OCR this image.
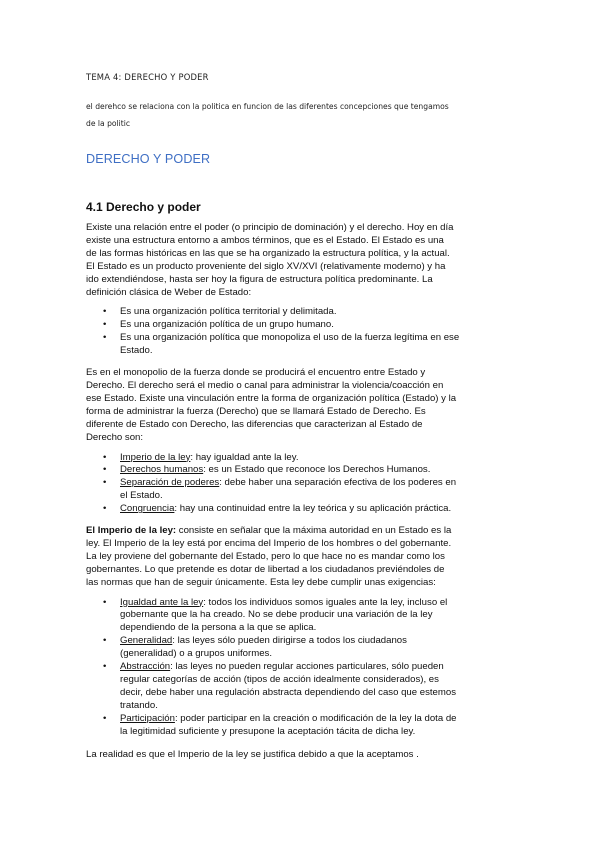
TEMA 4: DERECHO Y PODER
el derehco se relaciona con la politica en funcion de las diferentes concepciones que tengamos
de la politic
DERECHO Y PODER
4.1 Derecho y poder

Existe una relación entre el poder (o principio de dominación) y el derecho. Hoy en día
existe una estructura entorno a ambos términos, que es el Estado. El Estado es una
de las formas históricas en las que se ha organizado la estructura política, y la actual.
El Estado es un producto proveniente del siglo XV/XVI (relativamente moderno) y ha
ido extendiéndose, hasta ser hoy la figura de estructura política predominante. La
definición clásica de Weber de Estado:

• Es una organización política territorial y delimitada.
• Es una organización política de un grupo humano.
• Es una organización política que monopoliza el uso de la fuerza legítima en ese
Estado.

Es en el monopolio de la fuerza donde se producirá el encuentro entre Estado y
Derecho. El derecho será el medio o canal para administrar la violencia/coacción en
ese Estado. Existe una vinculación entre la forma de organización política (Estado) y la
forma de administrar la fuerza (Derecho) que se llamará Estado de Derecho. Es
diferente de Estado con Derecho, las diferencias que caracterizan al Estado de
Derecho son:

• Imperio de la ley: hay igualdad ante la ley.
• Derechos humanos: es un Estado que reconoce los Derechos Humanos.
• Separación de poderes: debe haber una separación efectiva de los poderes en
el Estado.
• Congruencia: hay una continuidad entre la ley teórica y su aplicación práctica.

El Imperio de la ley: consiste en señalar que la máxima autoridad en un Estado es la
ley. El Imperio de la ley está por encima del Imperio de los hombres o del gobernante.
La ley proviene del gobernante del Estado, pero lo que hace no es mandar como los
gobernantes. Lo que pretende es dotar de libertad a los ciudadanos previéndoles de
las normas que han de seguir únicamente. Esta ley debe cumplir unas exigencias:

• Igualdad ante la ley: todos los individuos somos iguales ante la ley, incluso el
gobernante que la ha creado. No se debe producir una variación de la ley
dependiendo de la persona a la que se aplica.
• Generalidad: las leyes sólo pueden dirigirse a todos los ciudadanos
(generalidad) o a grupos uniformes.
• Abstracción: las leyes no pueden regular acciones particulares, sólo pueden
regular categorías de acción (tipos de acción idealmente considerados), es
decir, debe haber una regulación abstracta dependiendo del caso que estemos
tratando.
• Participación: poder participar en la creación o modificación de la ley la dota de
la legitimidad suficiente y presupone la aceptación tácita de dicha ley.

La realidad es que el Imperio de la ley se justifica debido a que la aceptamos .
